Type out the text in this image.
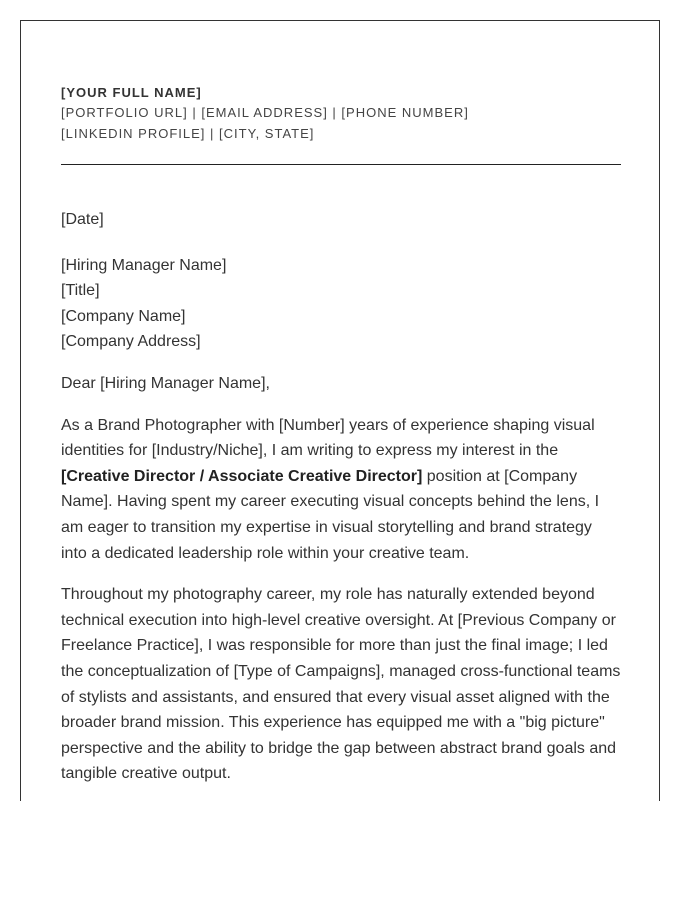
[YOUR FULL NAME]
[PORTFOLIO URL] | [EMAIL ADDRESS] | [PHONE NUMBER]
[LINKEDIN PROFILE] | [CITY, STATE]
[Date]
[Hiring Manager Name]
[Title]
[Company Name]
[Company Address]
Dear [Hiring Manager Name],
As a Brand Photographer with [Number] years of experience shaping visual identities for [Industry/Niche], I am writing to express my interest in the [Creative Director / Associate Creative Director] position at [Company Name]. Having spent my career executing visual concepts behind the lens, I am eager to transition my expertise in visual storytelling and brand strategy into a dedicated leadership role within your creative team.
Throughout my photography career, my role has naturally extended beyond technical execution into high-level creative oversight. At [Previous Company or Freelance Practice], I was responsible for more than just the final image; I led the conceptualization of [Type of Campaigns], managed cross-functional teams of stylists and assistants, and ensured that every visual asset aligned with the broader brand mission. This experience has equipped me with a "big picture" perspective and the ability to bridge the gap between abstract brand goals and tangible creative output.
